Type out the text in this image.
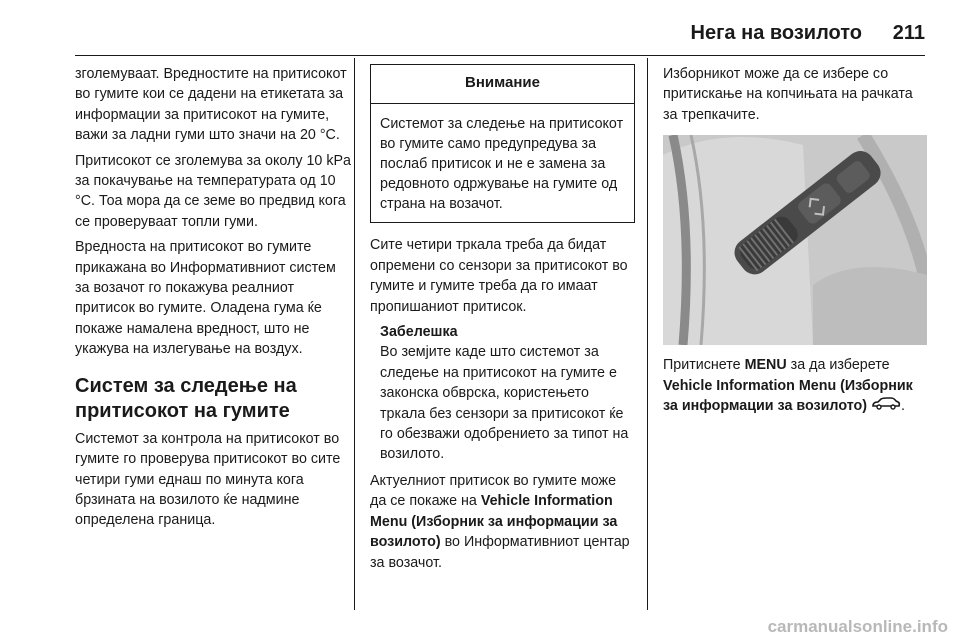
Нега на возилото	211

зголемуваат. Вредностите на притисокот во гумите кои се дадени на етикетата за информации за притисокот на гумите, важи за ладни гуми што значи на 20 °C.

Притисокот се зголемува за околу 10 kPa за покачување на температурата од 10 °C. Тоа мора да се земе во предвид кога се проверуваат топли гуми.

Вредноста на притисокот во гумите прикажана во Информативниот систем за возачот го покажува реалниот притисок во гумите. Оладена гума ќе покаже намалена вредност, што не укажува на излегување на воздух.

Систем за следење на притисокот на гумите

Системот за контрола на притисокот во гумите го проверува притисокот во сите четири гуми еднаш по минута кога брзината на возилото ќе надмине определена граница.

Внимание
Системот за следење на притисокот во гумите само предупредува за послаб притисок и не е замена за редовното одржување на гумите од страна на возачот.

Сите четири тркала треба да бидат опремени со сензори за притисокот во гумите и гумите треба да го имаат пропишаниот притисок.

Забелешка
Во земјите каде што системот за следење на притисокот на гумите е законска обврска, користењето тркала без сензори за притисокот ќе го обезважи одобрението за типот на возилото.

Актуелниот притисок во гумите може да се покаже на Vehicle Information Menu (Изборник за информации за возилото) во Информативниот центар за возачот.

Изборникот може да се избере со притискање на копчињата на рачката за трепкачите.

Притиснете MENU за да изберете Vehicle Information Menu (Изборник за информации за возилото) .

carmanualsonline.info
